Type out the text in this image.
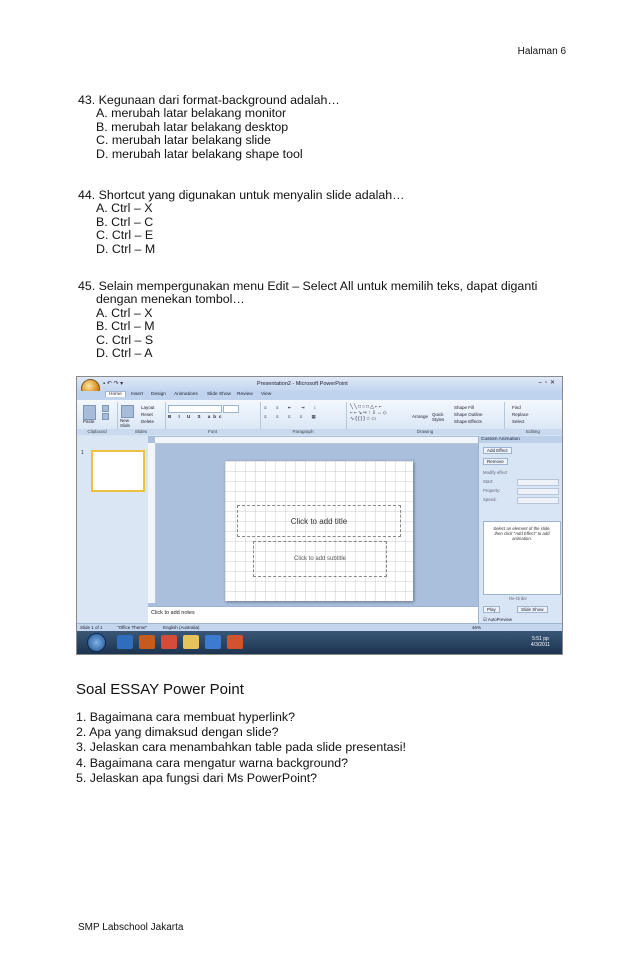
Halaman 6
43. Kegunaan dari format-background adalah…
A. merubah latar belakang monitor
B. merubah latar belakang desktop
C. merubah latar belakang slide
D. merubah latar belakang shape tool
44. Shortcut yang digunakan untuk menyalin slide adalah…
A. Ctrl – X
B. Ctrl – C
C. Ctrl – E
D. Ctrl – M
45. Selain mempergunakan menu Edit – Select All untuk memilih teks, dapat diganti
dengan menekan tombol…
A. Ctrl – X
B. Ctrl – M
C. Ctrl – S
D. Ctrl – A
▪ ↶ ↷ ▾	Presentation2 - Microsoft PowerPoint	–▫✕
Home	Insert Design Animations Slide Show Review View
Paste
Clipboard
New Slide
Layout
Reset
Delete
Slides
B I U S abc
Font
≡ ≡ ⇤ ⇥ ↕
≡ ≡ ≡ ≡ ▦
Paragraph
╲╲□○□△⌐⌐
⌐⌐↘⇨↑⇩↔◇
∿{()}☆▭	Arrange Quick Styles
Shape Fill
Shape Outline
Shape Effects
Drawing
Find
Replace
Select
Editing
1
Click to add title
Click to add subtitle
Click to add notes
Custom Animation
Add Effect
Remove
Modify effect
Start:
Property:
Speed:
Select an element of the slide, then click "Add Effect" to add animation.
Re-Order
Play	Slide Show
☑ AutoPreview
Slide 1 of 1	"Office Theme"	English (Australia)	46%
5:51 pp
4/3/2011
Soal ESSAY Power Point
1. Bagaimana cara membuat hyperlink?
2. Apa yang dimaksud dengan slide?
3. Jelaskan cara menambahkan table pada slide presentasi!
4. Bagaimana cara mengatur warna background?
5. Jelaskan apa fungsi dari Ms PowerPoint?
SMP Labschool Jakarta
